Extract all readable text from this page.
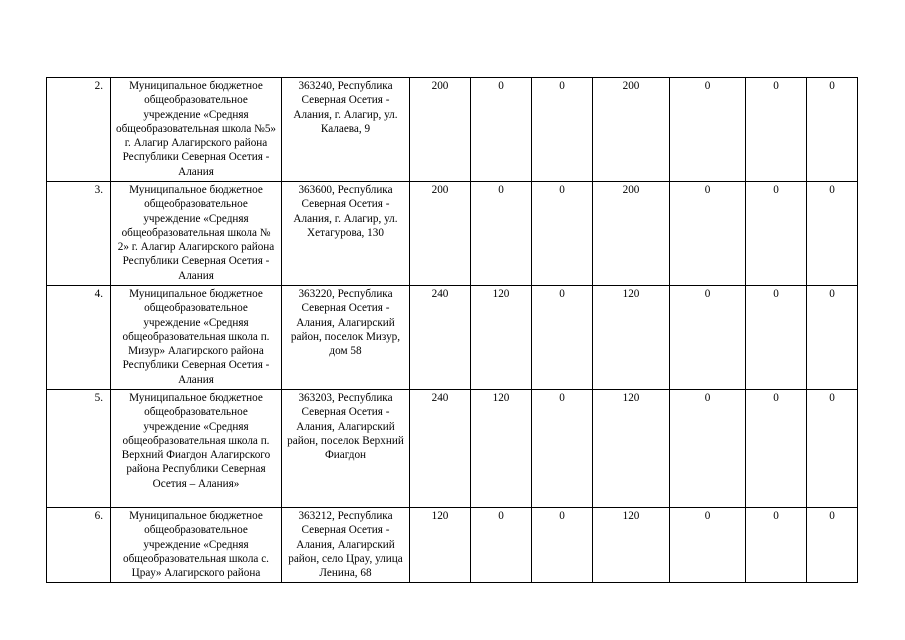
2.	Муниципальное бюджетное общеобразовательное учреждение «Средняя общеобразовательная школа №5» г. Алагир Алагирского района Республики Северная Осетия - Алания	363240, Республика Северная Осетия - Алания, г. Алагир, ул. Калаева, 9	200	0	0	200	0	0	0
3.	Муниципальное бюджетное общеобразовательное учреждение «Средняя общеобразовательная школа № 2» г. Алагир Алагирского района Республики Северная Осетия - Алания	363600, Республика Северная Осетия - Алания, г. Алагир, ул. Хетагурова, 130	200	0	0	200	0	0	0
4.	Муниципальное бюджетное общеобразовательное учреждение «Средняя общеобразовательная школа п. Мизур» Алагирского района Республики Северная Осетия - Алания	363220, Республика Северная Осетия - Алания, Алагирский район, поселок Мизур, дом 58	240	120	0	120	0	0	0
5.	Муниципальное бюджетное общеобразовательное учреждение «Средняя общеобразовательная школа п. Верхний Фиагдон Алагирского района Республики Северная Осетия – Алания»	363203, Республика Северная Осетия - Алания, Алагирский район, поселок Верхний Фиагдон	240	120	0	120	0	0	0
6.	Муниципальное бюджетное общеобразовательное учреждение «Средняя общеобразовательная школа с. Цpay» Алагирского района	363212, Республика Северная Осетия - Алания, Алагирский район, село Цpay, улица Ленина, 68	120	0	0	120	0	0	0
